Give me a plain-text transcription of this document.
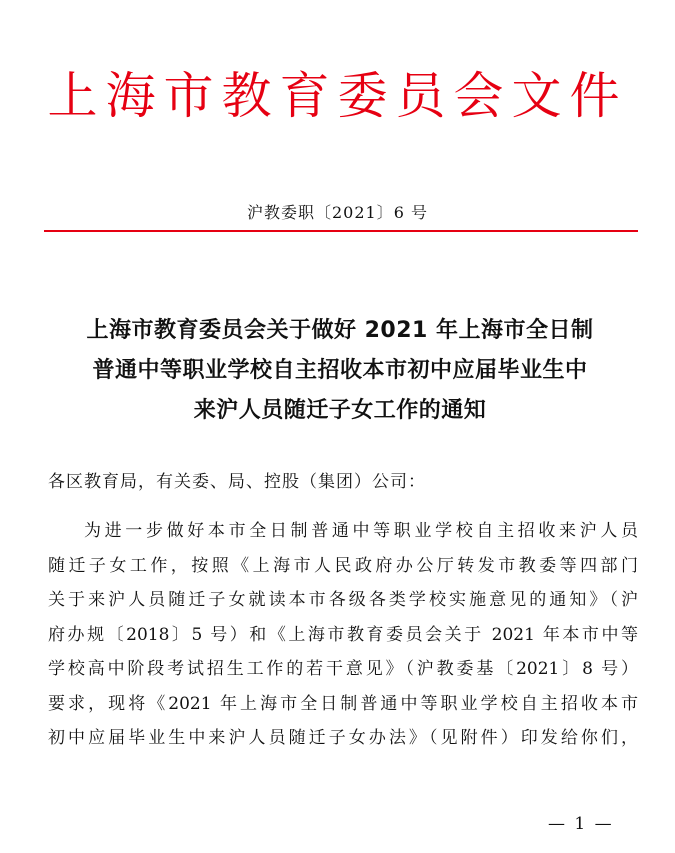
上海市教育委员会文件
沪教委职〔2021〕6 号
上海市教育委员会关于做好 2021 年上海市全日制
普通中等职业学校自主招收本市初中应届毕业生中
来沪人员随迁子女工作的通知
各区教育局，有关委、局、控股（集团）公司：
为进一步做好本市全日制普通中等职业学校自主招收来沪人员
随迁子女工作，按照《上海市人民政府办公厅转发市教委等四部门
关于来沪人员随迁子女就读本市各级各类学校实施意见的通知》（沪
府办规〔2018〕5 号）和《上海市教育委员会关于 2021 年本市中等
学校高中阶段考试招生工作的若干意见》（沪教委基〔2021〕8 号）
要求，现将《2021 年上海市全日制普通中等职业学校自主招收本市
初中应届毕业生中来沪人员随迁子女办法》（见附件）印发给你们，
— 1 —
